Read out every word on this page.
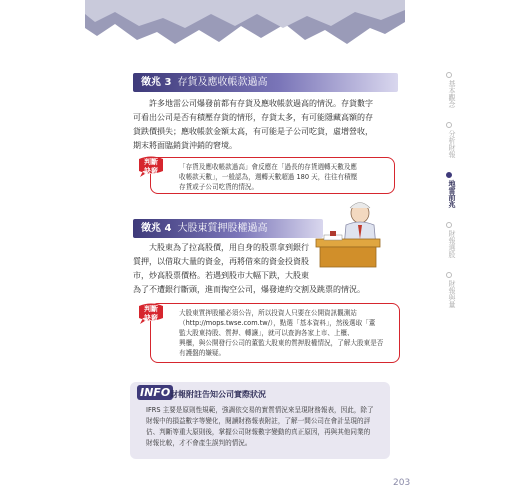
徵兆 3 存貨及應收帳款過高
許多地雷公司爆發前都有存貨及應收帳款過高的情況。存貨數字
可看出公司是否有積壓存貨的情形，存貨太多，有可能隱藏高額的存
貨跌價損失；應收帳款金額太高，有可能是子公司吃貨，虛增營收，
期末將面臨銷貨沖銷的窘境。
「存貨及應收帳款過高」會反應在「過長的存貨週轉天數及應
收帳款天數」，一般認為，週轉天數超過 180 天，往往有積壓
存貨或子公司吃貨的情況。
判斷
訣竅
徵兆 4 大股東質押股權過高
大股東為了拉高股價，用自身的股票拿到銀行
質押，以借取大量的資金，再將借來的資金投資股
市，炒高股票價格。若遇到股市大幅下跌，大股東
為了不遭銀行斷頭，進而掏空公司，爆發違約交割及跳票的情況。
大股東質押股權必須公告，所以投資人只要在公開資訊觀測站
（http://mops.twse.com.tw/），點選「基本資料」，然後選取「董
監大股東持股、質押、轉讓」，就可以查詢各家上市、上櫃、
興櫃，與公開發行公司的董監大股東的質押股權情況，了解大股東是否
有護盤的嫌疑。
判斷
訣竅
INFO 財報附註告知公司實際狀況
IFRS 主要是原則性規範，強調依交易的實質情況來呈現財務報表，因此，除了
財報中的損益數字等變化，閱讀財務報表附註，了解一間公司在會計呈現的評
估、判斷等重大原則後，掌握公司財報數字變動的真正原因，再與其他同業的
財報比較，才不會產生誤判的情況。
基本觀念
分析財報
地雷前兆
財報選股
財報與量
203
